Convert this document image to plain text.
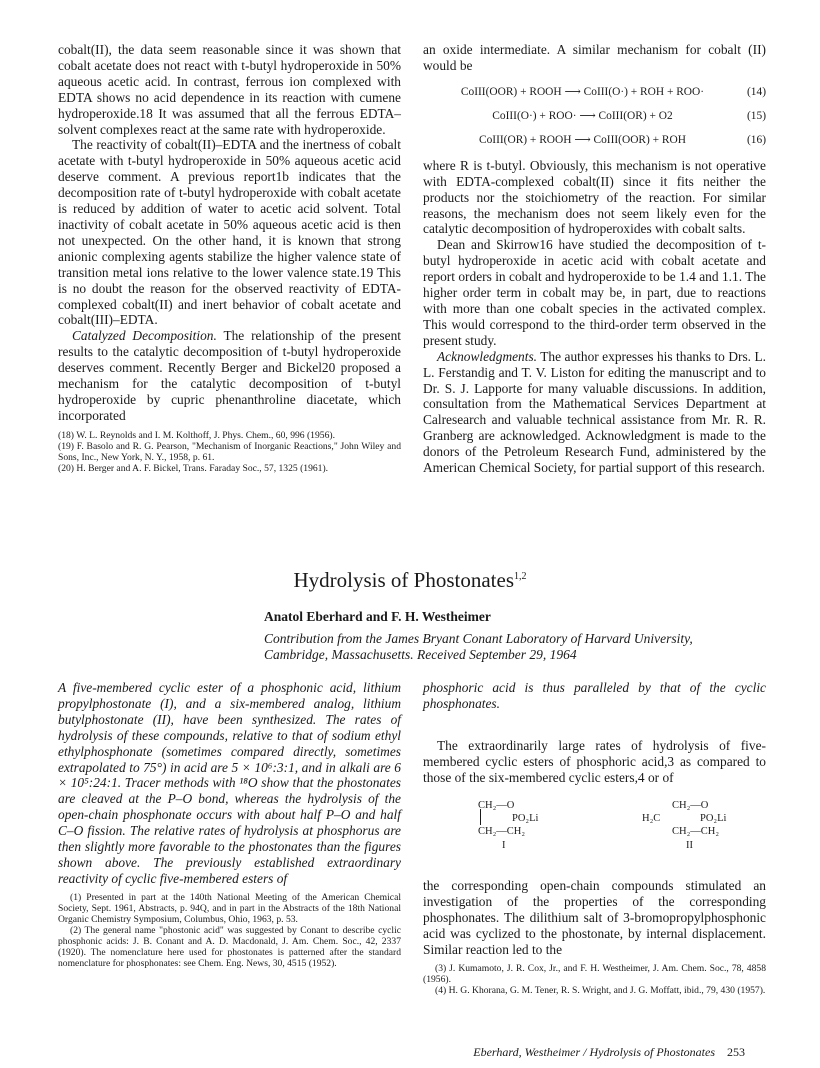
cobalt(II), the data seem reasonable since it was shown that cobalt acetate does not react with t-butyl hydroperoxide in 50% aqueous acetic acid. In contrast, ferrous ion complexed with EDTA shows no acid dependence in its reaction with cumene hydroperoxide.18 It was assumed that all the ferrous EDTA–solvent complexes react at the same rate with hydroperoxide.

The reactivity of cobalt(II)–EDTA and the inertness of cobalt acetate with t-butyl hydroperoxide in 50% aqueous acetic acid deserve comment. A previous report1b indicates that the decomposition rate of t-butyl hydroperoxide with cobalt acetate is reduced by addition of water to acetic acid solvent. Total inactivity of cobalt acetate in 50% aqueous acetic acid is then not unexpected. On the other hand, it is known that strong anionic complexing agents stabilize the higher valence state of transition metal ions relative to the lower valence state.19 This is no doubt the reason for the observed reactivity of EDTA-complexed cobalt(II) and inert behavior of cobalt acetate and cobalt(III)–EDTA.

Catalyzed Decomposition. The relationship of the present results to the catalytic decomposition of t-butyl hydroperoxide deserves comment. Recently Berger and Bickel20 proposed a mechanism for the catalytic decomposition of t-butyl hydroperoxide by cupric phenanthroline diacetate, which incorporated

(18) W. L. Reynolds and I. M. Kolthoff, J. Phys. Chem., 60, 996 (1956).

(19) F. Basolo and R. G. Pearson, "Mechanism of Inorganic Reactions," John Wiley and Sons, Inc., New York, N. Y., 1958, p. 61.

(20) H. Berger and A. F. Bickel, Trans. Faraday Soc., 57, 1325 (1961).

an oxide intermediate. A similar mechanism for cobalt (II) would be

CoIII(OOR) + ROOH ⟶ CoIII(O·) + ROH + ROO·	(14)
CoIII(O·) + ROO· ⟶ CoIII(OR) + O2	(15)
CoIII(OR) + ROOH ⟶ CoIII(OOR) + ROH	(16)

where R is t-butyl. Obviously, this mechanism is not operative with EDTA-complexed cobalt(II) since it fits neither the products nor the stoichiometry of the reaction. For similar reasons, the mechanism does not seem likely even for the catalytic decomposition of hydroperoxides with cobalt salts.

Dean and Skirrow16 have studied the decomposition of t-butyl hydroperoxide in acetic acid with cobalt acetate and report orders in cobalt and hydroperoxide to be 1.4 and 1.1. The higher order term in cobalt may be, in part, due to reactions with more than one cobalt species in the activated complex. This would correspond to the third-order term observed in the present study.

Acknowledgments. The author expresses his thanks to Drs. L. L. Ferstandig and T. V. Liston for editing the manuscript and to Dr. S. J. Lapporte for many valuable discussions. In addition, consultation from the Mathematical Services Department at Calresearch and valuable technical assistance from Mr. R. R. Granberg are acknowledged. Acknowledgment is made to the donors of the Petroleum Research Fund, administered by the American Chemical Society, for partial support of this research.

Hydrolysis of Phostonates$^{1,2}$
Anatol Eberhard and F. H. Westheimer
Contribution from the James Bryant Conant Laboratory of Harvard University,
Cambridge, Massachusetts. Received September 29, 1964

A five-membered cyclic ester of a phosphonic acid, lithium propylphostonate (I), and a six-membered analog, lithium butylphostonate (II), have been synthesized. The rates of hydrolysis of these compounds, relative to that of sodium ethyl ethylphosphonate (sometimes compared directly, sometimes extrapolated to 75°) in acid are 5 × 10⁶:3:1, and in alkali are 6 × 10⁵:24:1. Tracer methods with ¹⁸O show that the phostonates are cleaved at the P–O bond, whereas the hydrolysis of the open-chain phosphonate occurs with about half P–O and half C–O fission. The relative rates of hydrolysis at phosphorus are then slightly more favorable to the phostonates than the figures shown above. The previously established extraordinary reactivity of cyclic five-membered esters of

(1) Presented in part at the 140th National Meeting of the American Chemical Society, Sept. 1961, Abstracts, p. 94Q, and in part in the Abstracts of the 18th National Organic Chemistry Symposium, Columbus, Ohio, 1963, p. 53.

(2) The general name "phostonic acid" was suggested by Conant to describe cyclic phosphonic acids: J. B. Conant and A. D. Macdonald, J. Am. Chem. Soc., 42, 2337 (1920). The nomenclature here used for phostonates is patterned after the standard nomenclature for phosphonates: see Chem. Eng. News, 30, 4515 (1952).

phosphoric acid is thus paralleled by that of the cyclic phosphonates.

The extraordinarily large rates of hydrolysis of five-membered cyclic esters of phosphoric acid,3 as compared to those of the six-membered cyclic esters,4 or of

CH₂—O
PO₂Li
CH₂—CH₂
I
CH₂—O
H₂C	PO₂Li
CH₂—CH₂
II

the corresponding open-chain compounds stimulated an investigation of the properties of the corresponding phosphonates. The dilithium salt of 3-bromopropylphosphonic acid was cyclized to the phostonate, by internal displacement. Similar reaction led to the

(3) J. Kumamoto, J. R. Cox, Jr., and F. H. Westheimer, J. Am. Chem. Soc., 78, 4858 (1956).

(4) H. G. Khorana, G. M. Tener, R. S. Wright, and J. G. Moffatt, ibid., 79, 430 (1957).

Eberhard, Westheimer / Hydrolysis of Phostonates 253
